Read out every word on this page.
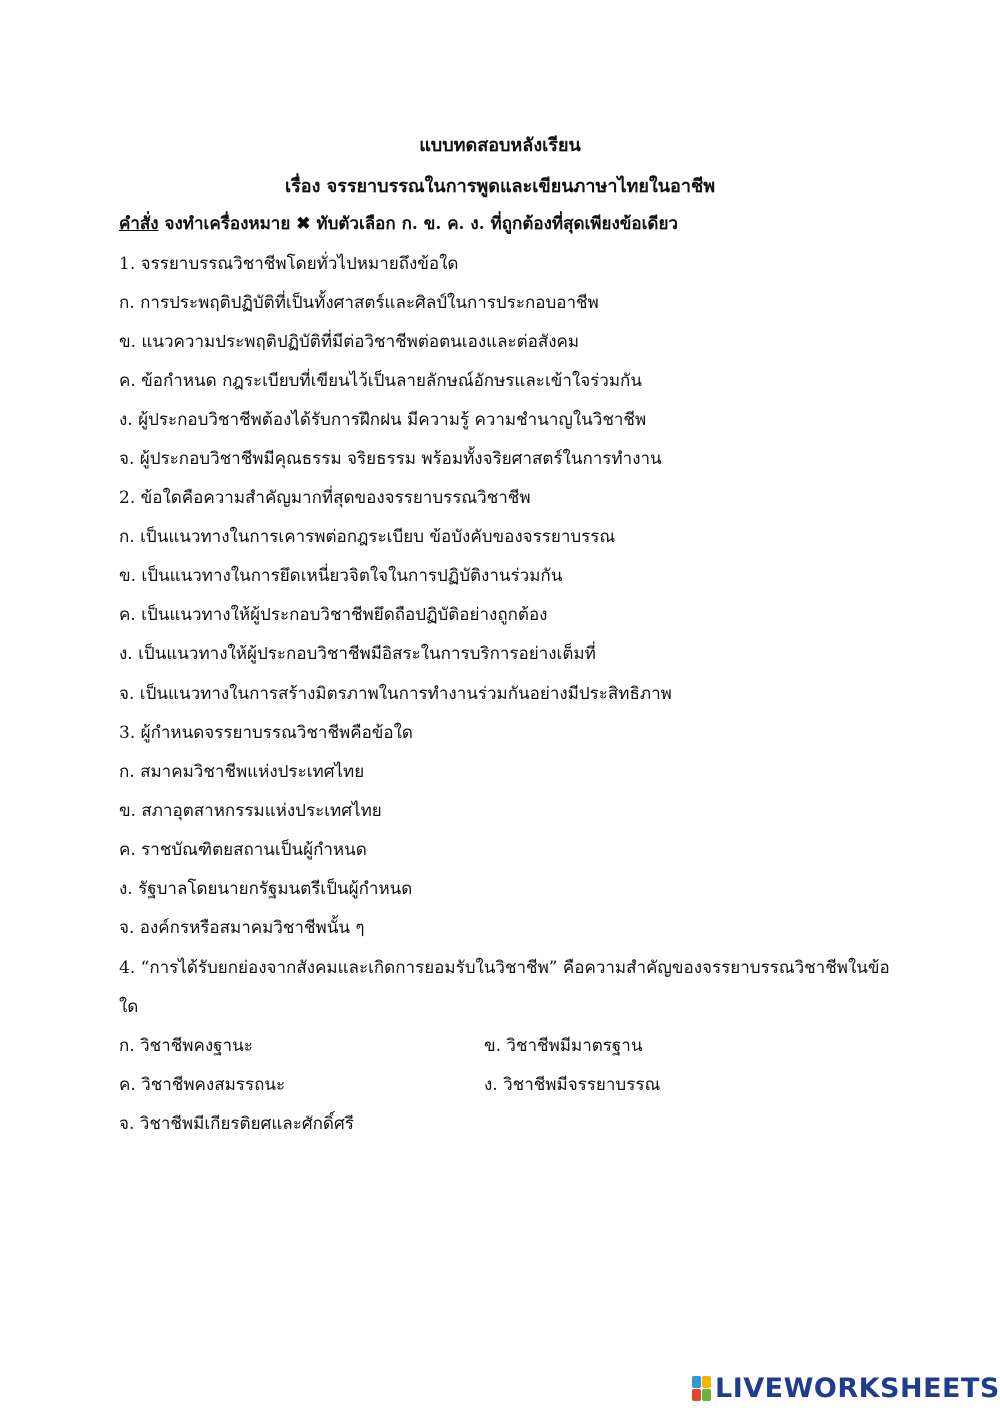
แบบทดสอบหลังเรียน
เรื่อง จรรยาบรรณในการพูดและเขียนภาษาไทยในอาชีพ
คำสั่ง จงทำเครื่องหมาย ✖ ทับตัวเลือก ก. ข. ค. ง. ที่ถูกต้องที่สุดเพียงข้อเดียว
1. จรรยาบรรณวิชาชีพโดยทั่วไปหมายถึงข้อใด
ก. การประพฤติปฏิบัติที่เป็นทั้งศาสตร์และศิลป์ในการประกอบอาชีพ
ข. แนวความประพฤติปฏิบัติที่มีต่อวิชาชีพต่อตนเองและต่อสังคม
ค. ข้อกำหนด กฎระเบียบที่เขียนไว้เป็นลายลักษณ์อักษรและเข้าใจร่วมกัน
ง. ผู้ประกอบวิชาชีพต้องได้รับการฝึกฝน มีความรู้ ความชำนาญในวิชาชีพ
จ. ผู้ประกอบวิชาชีพมีคุณธรรม จริยธรรม พร้อมทั้งจริยศาสตร์ในการทำงาน
2. ข้อใดคือความสำคัญมากที่สุดของจรรยาบรรณวิชาชีพ
ก. เป็นแนวทางในการเคารพต่อกฎระเบียบ ข้อบังคับของจรรยาบรรณ
ข. เป็นแนวทางในการยึดเหนี่ยวจิตใจในการปฏิบัติงานร่วมกัน
ค. เป็นแนวทางให้ผู้ประกอบวิชาชีพยึดถือปฏิบัติอย่างถูกต้อง
ง. เป็นแนวทางให้ผู้ประกอบวิชาชีพมีอิสระในการบริการอย่างเต็มที่
จ. เป็นแนวทางในการสร้างมิตรภาพในการทำงานร่วมกันอย่างมีประสิทธิภาพ
3. ผู้กำหนดจรรยาบรรณวิชาชีพคือข้อใด
ก. สมาคมวิชาชีพแห่งประเทศไทย
ข. สภาอุตสาหกรรมแห่งประเทศไทย
ค. ราชบัณฑิตยสถานเป็นผู้กำหนด
ง. รัฐบาลโดยนายกรัฐมนตรีเป็นผู้กำหนด
จ. องค์กรหรือสมาคมวิชาชีพนั้น ๆ
4. “การได้รับยกย่องจากสังคมและเกิดการยอมรับในวิชาชีพ” คือความสำคัญของจรรยาบรรณวิชาชีพในข้อ
ใด
ก. วิชาชีพคงฐานะ	ข. วิชาชีพมีมาตรฐาน
ค. วิชาชีพคงสมรรถนะ	ง. วิชาชีพมีจรรยาบรรณ
จ. วิชาชีพมีเกียรติยศและศักดิ์ศรี
LIVEWORKSHEETS
